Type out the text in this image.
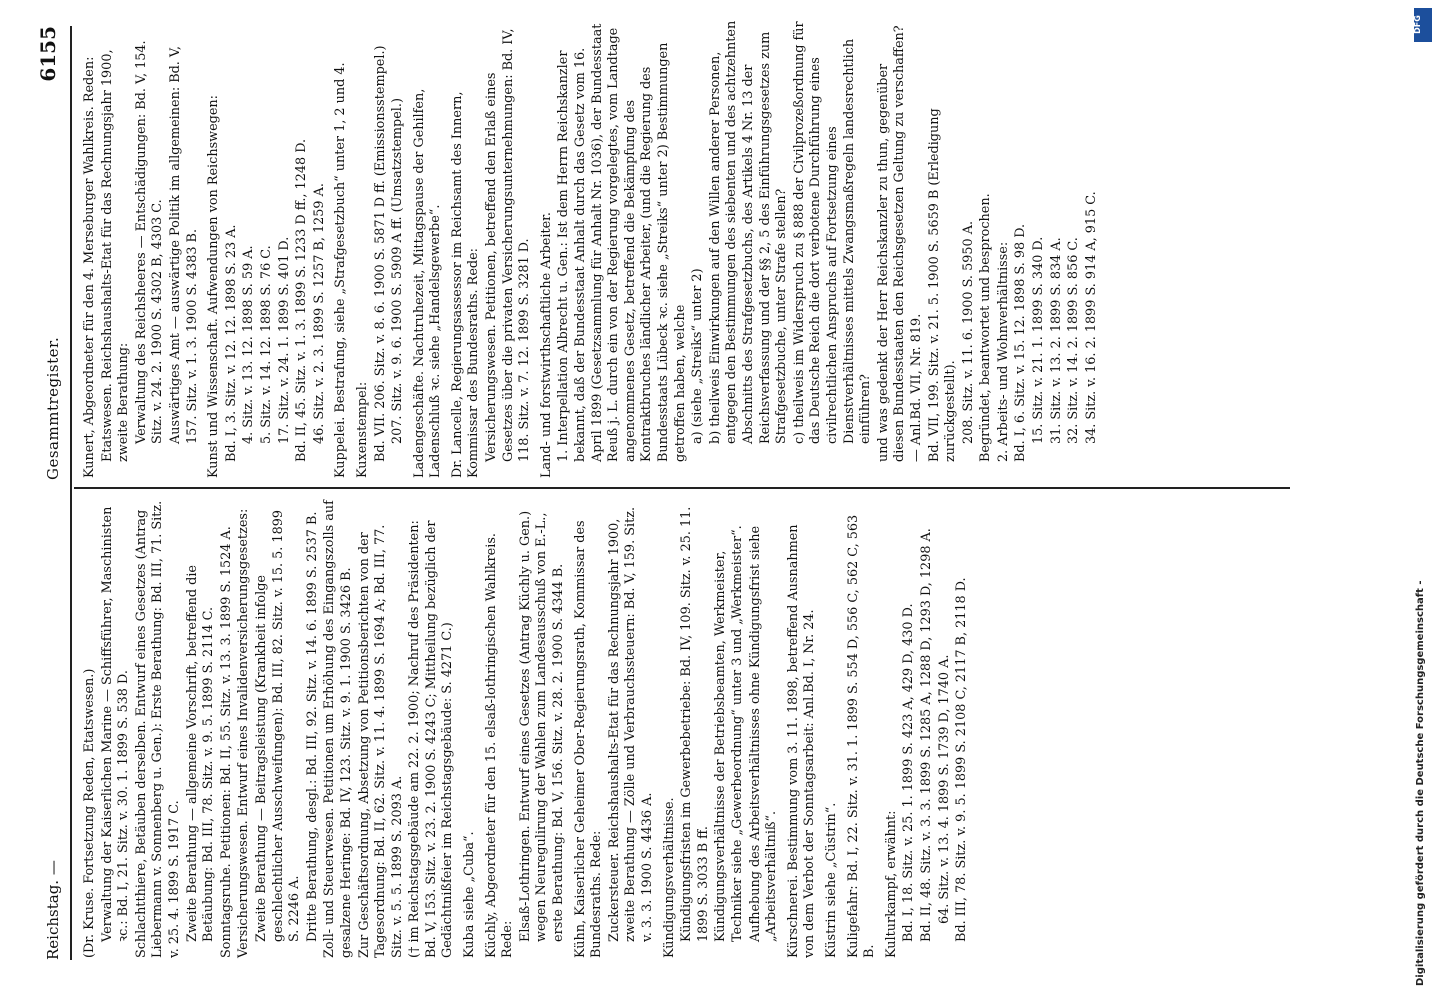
Reichstag. —
Gesammtregister.
6155

(Dr. Kruse. Fortsetzung Reden, Etatswesen.) Verwaltung der Kaiserlichen Marine — Schiffsführer, Maschinisten ꝛc.: Bd. I, 21. Sitz. v. 30. 1. 1899 S. 538 D. Schlachtthiere, Betäuben derselben. Entwurf eines Gesetzes (Antrag Liebermann v. Sonnenberg u. Gen.): Erste Berathung: Bd. III, 71. Sitz. v. 25. 4. 1899 S. 1917 C. Zweite Berathung — allgemeine Vorschrift, betreffend die Betäubung: Bd. III, 78. Sitz. v. 9. 5. 1899 S. 2114 C. Sonntagsruhe. Petitionen: Bd. II, 55. Sitz. v. 13. 3. 1899 S. 1524 A. Versicherungswesen. Entwurf eines Invalidenversicherungsgesetzes: Zweite Berathung — Beitragsleistung (Krankheit infolge geschlechtlicher Ausschweifungen): Bd. III, 82. Sitz. v. 15. 5. 1899 S. 2246 A. Dritte Berathung, desgl.: Bd. III, 92. Sitz. v. 14. 6. 1899 S. 2537 B. Zoll- und Steuerwesen. Petitionen um Erhöhung des Eingangszolls auf gesalzene Heringe: Bd. IV, 123. Sitz. v. 9. 1. 1900 S. 3426 B. Zur Geschäftsordnung, Absetzung von Petitionsberichten von der Tagesordnung: Bd. II, 62. Sitz. v. 11. 4. 1899 S. 1694 A; Bd. III, 77. Sitz. v. 5. 5. 1899 S. 2093 A. († im Reichstagsgebäude am 22. 2. 1900; Nachruf des Präsidenten: Bd. V, 153. Sitz. v. 23. 2. 1900 S. 4243 C; Mittheilung bezüglich der Gedächtnißfeier im Reichstagsgebäude: S. 4271 C.) Kuba siehe „Cuba“. Küchly, Abgeordneter für den 15. elsaß-lothringischen Wahlkreis. Rede: Elsaß-Lothringen. Entwurf eines Gesetzes (Antrag Küchly u. Gen.) wegen Neuregulirung der Wahlen zum Landesausschuß von E.-L., erste Berathung: Bd. V, 156. Sitz. v. 28. 2. 1900 S. 4344 B. Kühn, Kaiserlicher Geheimer Ober-Regierungsrath, Kommissar des Bundesraths. Rede: Zuckersteuer. Reichshaushalts-Etat für das Rechnungsjahr 1900, zweite Berathung — Zölle und Verbrauchssteuern: Bd. V, 159. Sitz. v. 3. 3. 1900 S. 4436 A. Kündigungsverhältnisse. Kündigungsfristen im Gewerbebetriebe: Bd. IV, 109. Sitz. v. 25. 11. 1899 S. 3033 B ff. Kündigungsverhältnisse der Betriebsbeamten, Werkmeister, Techniker siehe „Gewerbeordnung“ unter 3 und „Werkmeister“. Aufhebung des Arbeitsverhältnisses ohne Kündigungsfrist siehe „Arbeitsverhältniß“. Kürschnerei. Bestimmung vom 3. 11. 1898, betreffend Ausnahmen von dem Verbot der Sonntagsarbeit: Anl.Bd. I, Nr. 24. Küstrin siehe „Cüstrin“. Kuligefahr: Bd. I, 22. Sitz. v. 31. 1. 1899 S. 554 D, 556 C, 562 C, 563 B. Kulturkampf, erwähnt: Bd. I, 18. Sitz. v. 25. 1. 1899 S. 423 A, 429 D, 430 D. Bd. II, 48. Sitz. v. 3. 3. 1899 S. 1285 A, 1288 D, 1293 D, 1298 A. 64. Sitz. v. 13. 4. 1899 S. 1739 D, 1740 A. Bd. III, 78. Sitz. v. 9. 5. 1899 S. 2108 C, 2117 B, 2118 D.

Kunert, Abgeordneter für den 4. Merseburger Wahlkreis. Reden: Etatswesen. Reichshaushalts-Etat für das Rechnungsjahr 1900, zweite Berathung: Verwaltung des Reichsheeres — Entschädigungen: Bd. V, 154. Sitz. v. 24. 2. 1900 S. 4302 B, 4303 C. Auswärtiges Amt — auswärtige Politik im allgemeinen: Bd. V, 157. Sitz. v. 1. 3. 1900 S. 4383 B. Kunst und Wissenschaft. Aufwendungen von Reichswegen: Bd. I, 3. Sitz. v. 12. 12. 1898 S. 23 A. 4. Sitz. v. 13. 12. 1898 S. 59 A. 5. Sitz. v. 14. 12. 1898 S. 76 C. 17. Sitz. v. 24. 1. 1899 S. 401 D. Bd. II, 45. Sitz. v. 1. 3. 1899 S. 1233 D ff., 1248 D. 46. Sitz. v. 2. 3. 1899 S. 1257 B, 1259 A. Kuppelei. Bestrafung, siehe „Strafgesetzbuch“ unter 1, 2 und 4. Kuxenstempel: Bd. VII. 206. Sitz. v. 8. 6. 1900 S. 5871 D ff. (Emissionsstempel.) 207. Sitz. v. 9. 6. 1900 S. 5909 A ff. (Umsatzstempel.) Ladengeschäfte. Nachtruhezeit, Mittagspause der Gehilfen, Ladenschluß ꝛc. siehe „Handelsgewerbe“. Dr. Lancelle, Regierungsassessor im Reichsamt des Innern, Kommissar des Bundesraths. Rede: Versicherungswesen. Petitionen, betreffend den Erlaß eines Gesetzes über die privaten Versicherungsunternehmungen: Bd. IV, 118. Sitz. v. 7. 12. 1899 S. 3281 D. Land- und forstwirthschaftliche Arbeiter. 1. Interpellation Albrecht u. Gen.: Ist dem Herrn Reichskanzler bekannt, daß der Bundesstaat Anhalt durch das Gesetz vom 16. April 1899 (Gesetzsammlung für Anhalt Nr. 1036), der Bundesstaat Reuß j. L. durch ein von der Regierung vorgelegtes, vom Landtage angenommenes Gesetz, betreffend die Bekämpfung des Kontraktbruches ländlicher Arbeiter, (und die Regierung des Bundesstaats Lübeck ꝛc. siehe „Streiks“ unter 2) Bestimmungen getroffen haben, welche a) (siehe „Streiks“ unter 2) b) theilweis Einwirkungen auf den Willen anderer Personen, entgegen den Bestimmungen des siebenten und des achtzehnten Abschnitts des Strafgesetzbuchs, des Artikels 4 Nr. 13 der Reichsverfassung und der §§ 2, 5 des Einführungsgesetzes zum Strafgesetzbuche, unter Strafe stellen? c) theilweis im Widerspruch zu § 888 der Civilprozeßordnung für das Deutsche Reich die dort verbotene Durchführung eines civilrechtlichen Anspruchs auf Fortsetzung eines Dienstverhältnisses mittels Zwangsmaßregeln landesrechtlich einführen? und was gedenkt der Herr Reichskanzler zu thun, gegenüber diesen Bundesstaaten den Reichsgesetzen Geltung zu verschaffen? — Anl.Bd. VII, Nr. 819. Bd. VII, 199. Sitz. v. 21. 5. 1900 S. 5659 B (Erledigung zurückgestellt). 208. Sitz. v. 11. 6. 1900 S. 5950 A. Begründet, beantwortet und besprochen. 2. Arbeits- und Wohnverhältnisse: Bd. I, 6. Sitz. v. 15. 12. 1898 S. 98 D. 15. Sitz. v. 21. 1. 1899 S. 340 D. 31. Sitz. v. 13. 2. 1899 S. 834 A. 32. Sitz. v. 14. 2. 1899 S. 856 C. 34. Sitz. v. 16. 2. 1899 S. 914 A, 915 C.

Digitalisierung gefördert durch die Deutsche Forschungsgemeinschaft -
DFG
